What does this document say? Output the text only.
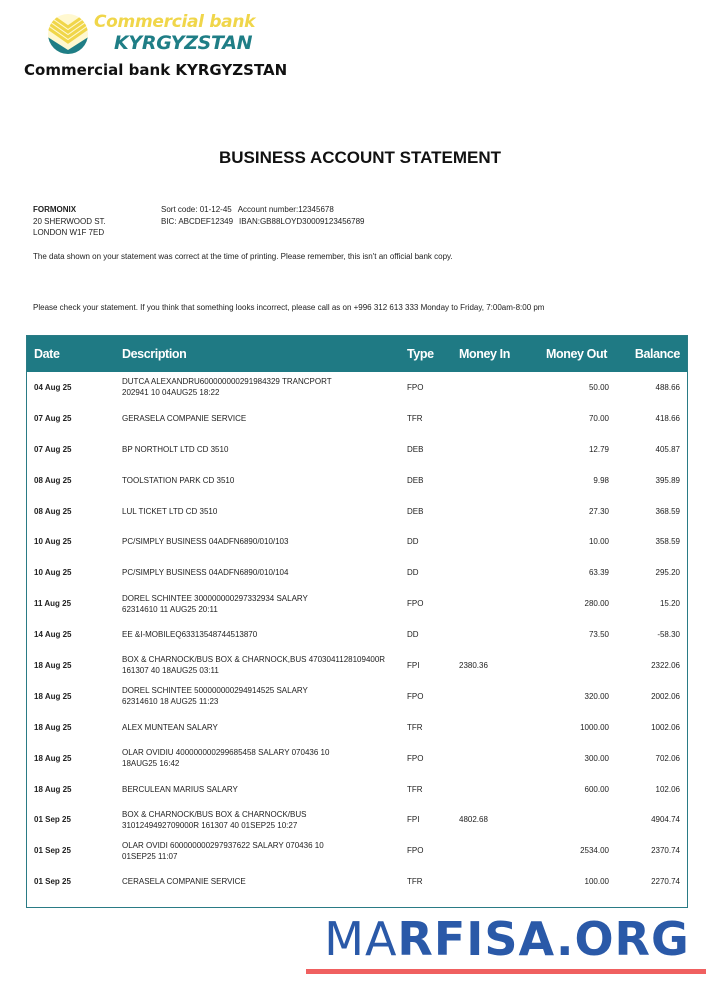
Commercial bank
KYRGYZSTAN
Commercial bank KYRGYZSTAN
BUSINESS ACCOUNT STATEMENT
FORMONIX
20 SHERWOOD ST.
LONDON W1F 7ED
Sort code: 01-12-45 Account number:12345678
BIC: ABCDEF12349 IBAN:GB88LOYD30009123456789
The data shown on your statement was correct at the time of printing. Please remember, this isn't an official bank copy.
Please check your statement. If you think that something looks incorrect, please call as on +996 312 613 333 Monday to Friday, 7:00am-8:00 pm
Date	Description	Type	Money In	Money Out	Balance
04 Aug 25	DUTCA ALEXANDRU600000000291984329 TRANCPORT
202941 10 04AUG25 18:22	FPO		50.00	488.66
07 Aug 25	GERASELA COMPANIE SERVICE	TFR		70.00	418.66
07 Aug 25	BP NORTHOLT LTD CD 3510	DEB		12.79	405.87
08 Aug 25	TOOLSTATION PARK CD 3510	DEB		9.98	395.89
08 Aug 25	LUL TICKET LTD CD 3510	DEB		27.30	368.59
10 Aug 25	PC/SIMPLY BUSINESS 04ADFN6890/010/103	DD		10.00	358.59
10 Aug 25	PC/SIMPLY BUSINESS 04ADFN6890/010/104	DD		63.39	295.20
11 Aug 25	DOREL SCHINTEE 300000000297332934 SALARY
62314610 11 AUG25 20:11	FPO		280.00	15.20
14 Aug 25	EE &I-MOBILEQ63313548744513870	DD		73.50	-58.30
18 Aug 25	BOX & CHARNOCK/BUS BOX & CHARNOCK,BUS 4703041128109400R
161307 40 18AUG25 03:11	FPI	2380.36		2322.06
18 Aug 25	DOREL SCHINTEE 500000000294914525 SALARY
62314610 18 AUG25 11:23	FPO		320.00	2002.06
18 Aug 25	ALEX MUNTEAN SALARY	TFR		1000.00	1002.06
18 Aug 25	OLAR OVIDIU 400000000299685458 SALARY 070436 10
18AUG25 16:42	FPO		300.00	702.06
18 Aug 25	BERCULEAN MARIUS SALARY	TFR		600.00	102.06
01 Sep 25	BOX & CHARNOCK/BUS BOX & CHARNOCK/BUS
3101249492709000R 161307 40 01SEP25 10:27	FPI	4802.68		4904.74
01 Sep 25	OLAR OVIDI 600000000297937622 SALARY 070436 10
01SEP25 11:07	FPO		2534.00	2370.74
01 Sep 25	CERASELA COMPANIE SERVICE	TFR		100.00	2270.74
MARFISA.ORG
